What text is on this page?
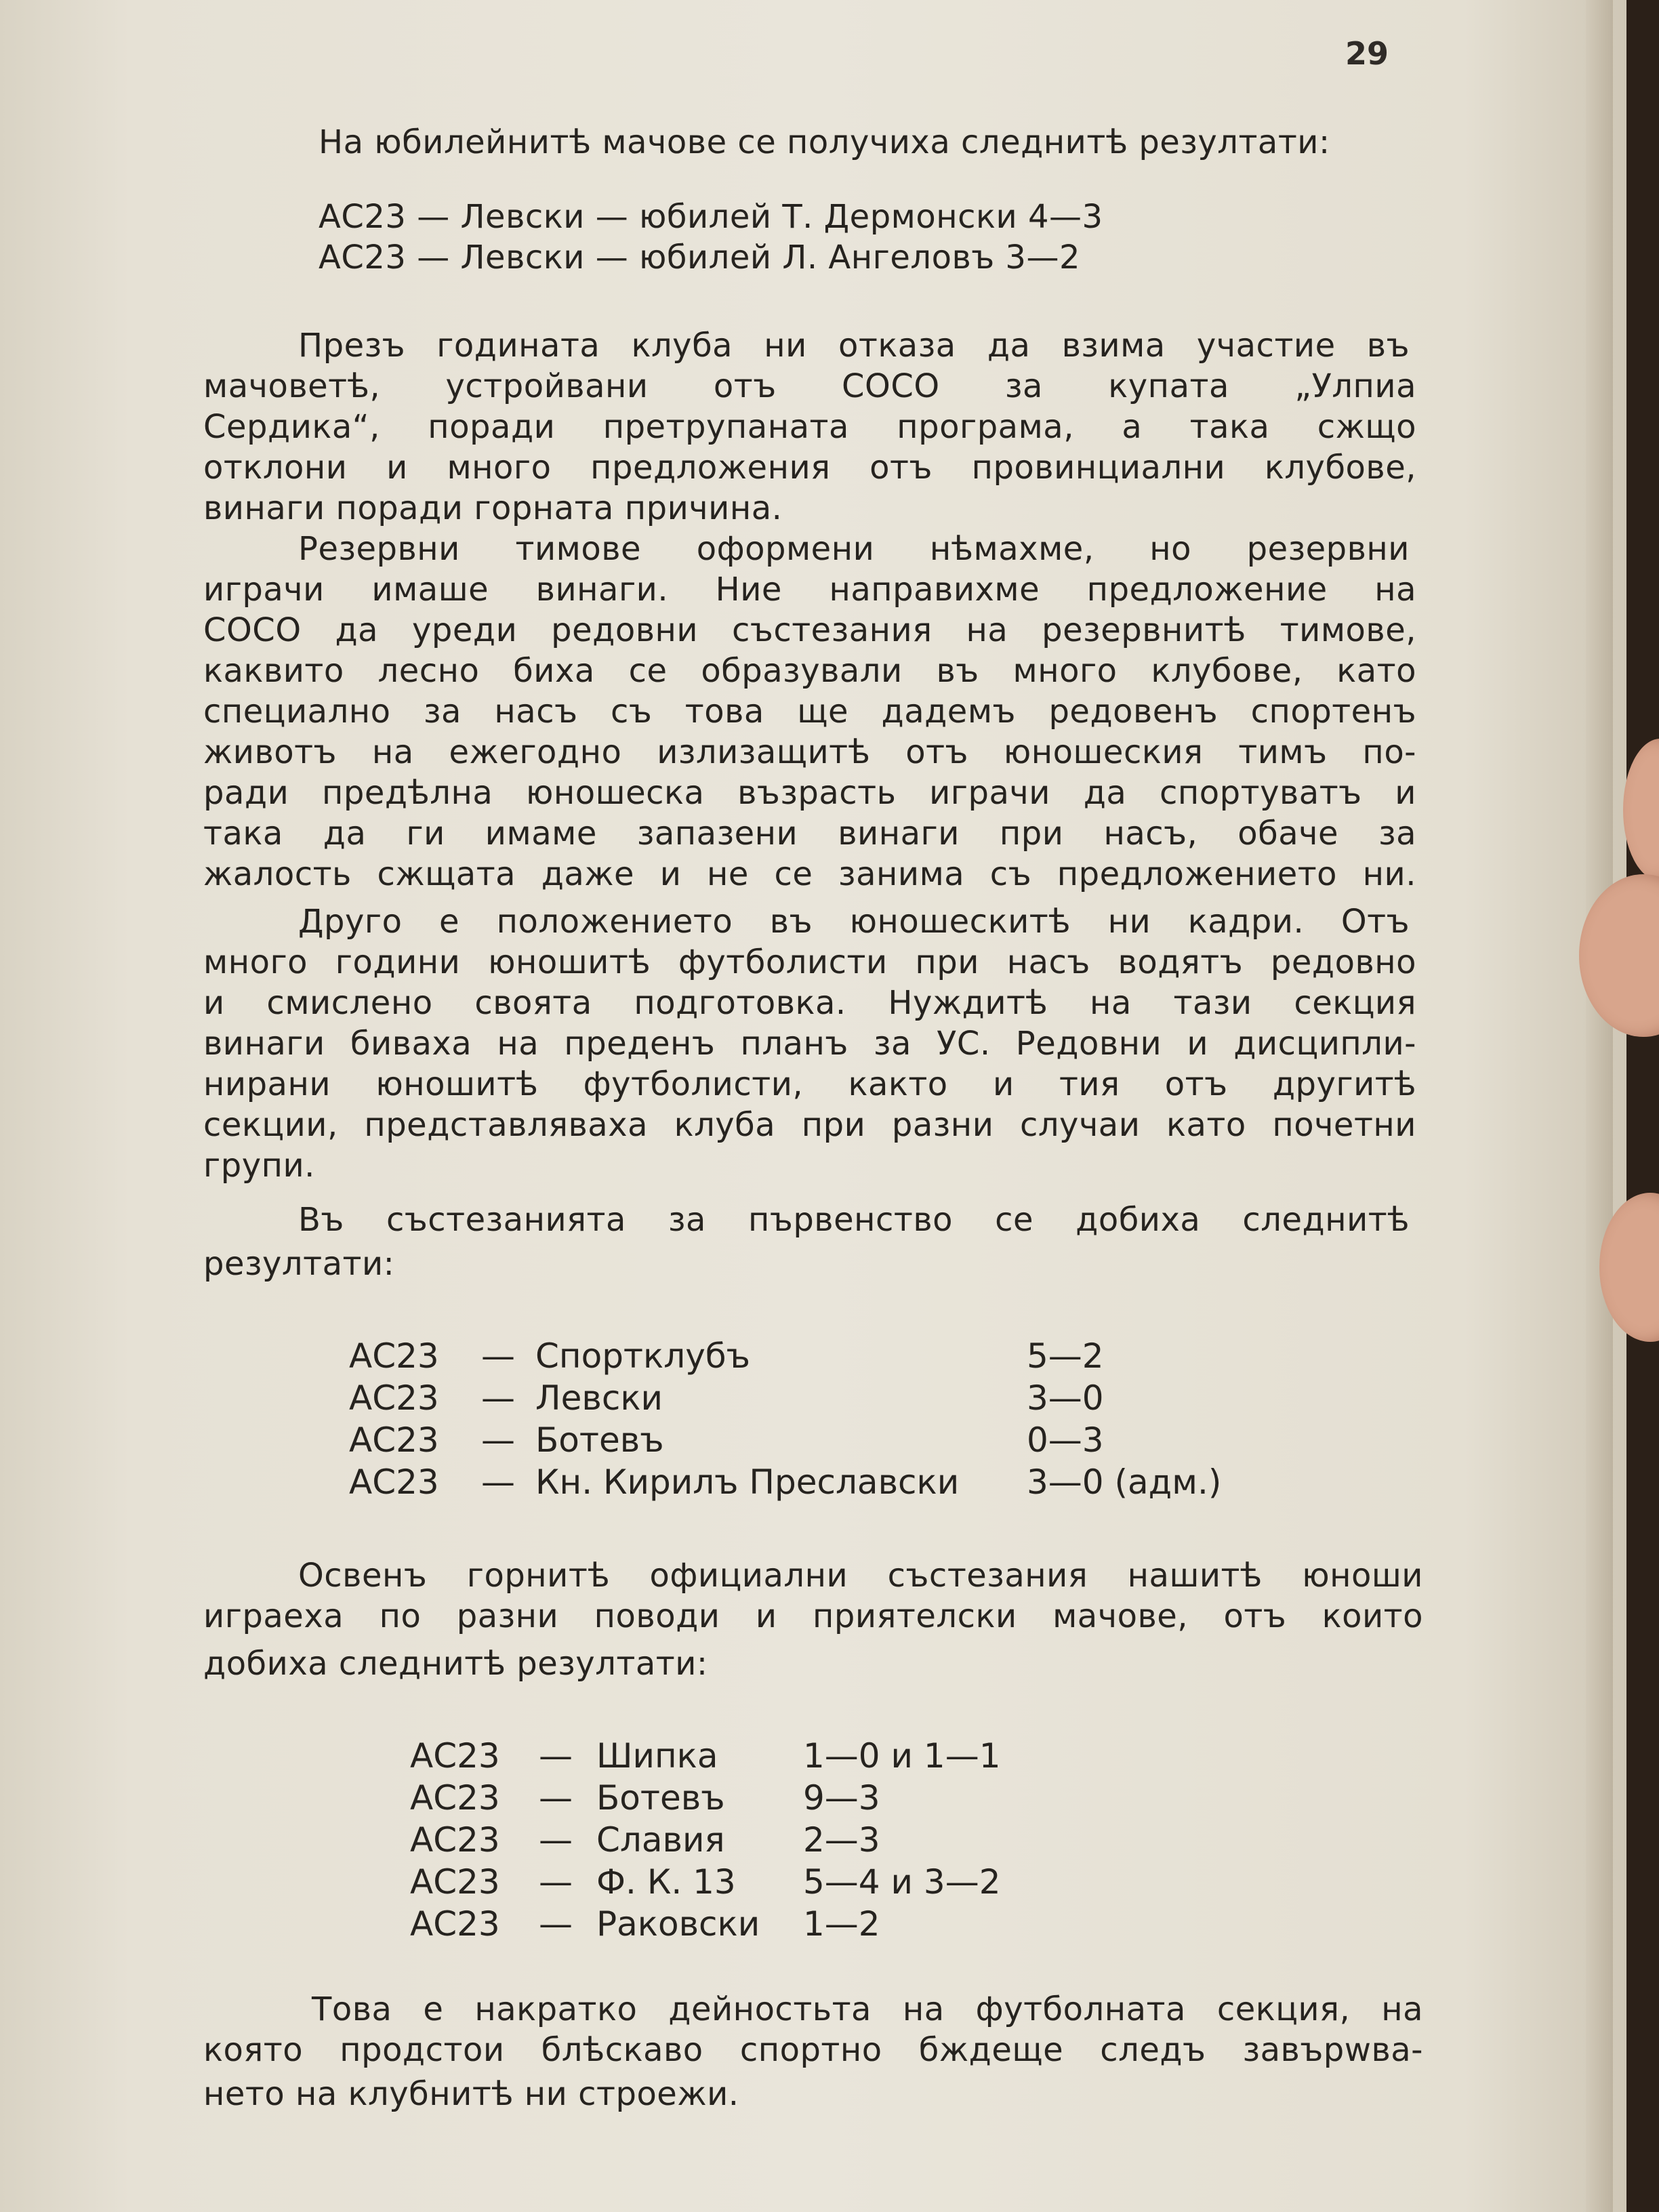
29
На юбилейнитѣ мачове се получиха следнитѣ резултати:
АС23 — Левски — юбилей Т. Дермонски 4—3
АС23 — Левски — юбилей Л. Ангеловъ 3—2
Презъ годината клуба ни отказа да взима участие въ
мачоветѣ, устройвани отъ СОСО за купата „Улпиа
Сердика“, поради претрупаната програма, а така сжщо
отклони и много предложения отъ провинциални клубове,
винаги поради горната причина.
Резервни тимове оформени нѣмахме, но резервни
играчи имаше винаги. Ние направихме предложение на
СОСО да уреди редовни състезания на резервнитѣ тимове,
каквито лесно биха се образували въ много клубове, като
специално за насъ съ това ще дадемъ редовенъ спортенъ
животъ на ежегодно излизащитѣ отъ юношеския тимъ по-
ради предѣлна юношеска възрасть играчи да спортуватъ и
така да ги имаме запазени винаги при насъ, обаче за
жалость сжщата даже и не се занима съ предложението ни.
Друго е положението въ юношескитѣ ни кадри. Отъ
много години юношитѣ футболисти при насъ водятъ редовно
и смислено своята подготовка. Нуждитѣ на тази секция
винаги биваха на преденъ планъ за УС. Редовни и дисципли-
нирани юношитѣ футболисти, както и тия отъ другитѣ
секции, представляваха клуба при разни случаи като почетни
групи.
Въ състезанията за първенство се добиха следнитѣ
резултати:
АС23 — Спортклубъ	5—2
АС23 — Левски	3—0
АС23 — Ботевъ	0—3
АС23 — Кн. Кирилъ Преславски 3—0 (адм.)
Освенъ горнитѣ официални състезания нашитѣ юноши
играеха по разни поводи и приятелски мачове, отъ които
добиха следнитѣ резултати:
АС23 — Шипка	1—0 и 1—1
АС23 — Ботевъ 9—3
АС23 — Славия 2—3
АС23 — Ф. К. 13 5—4 и 3—2
АС23 — Раковски 1—2
Това е накратко дейностьта на футболната секция, на
която продстои блѣскаво спортно бждеще следъ завърwва-
нето на клубнитѣ ни строежи.
